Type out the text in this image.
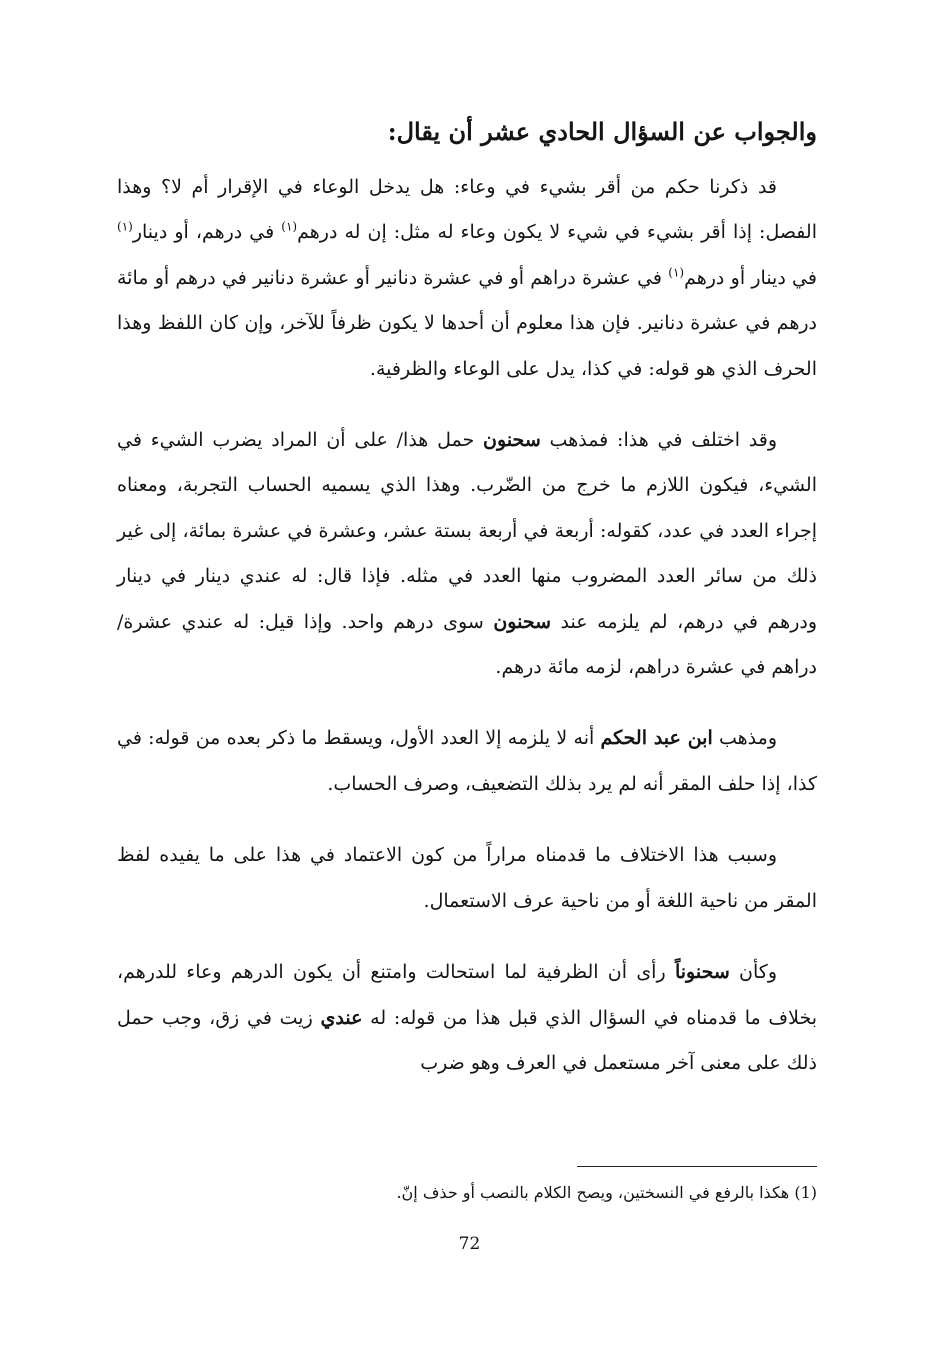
والجواب عن السؤال الحادي عشر أن يقال:

قد ذكرنا حكم من أقر بشيء في وعاء: هل يدخل الوعاء في الإقرار أم لا؟ وهذا الفصل: إذا أقر بشيء في شيء لا يكون وعاء له مثل: إن له درهم$^{(١)}$ في درهم، أو دينار$^{(١)}$ في دينار أو درهم$^{(١)}$ في عشرة دراهم أو في عشرة دنانير أو عشرة دنانير في درهم أو مائة درهم في عشرة دنانير. فإن هذا معلوم أن أحدها لا يكون ظرفاً للآخر، وإن كان اللفظ وهذا الحرف الذي هو قوله: في كذا، يدل على الوعاء والظرفية.

وقد اختلف في هذا: فمذهب سحنون حمل هذا/ على أن المراد يضرب الشيء في الشيء، فيكون اللازم ما خرج من الضّرب. وهذا الذي يسميه الحساب التجربة، ومعناه إجراء العدد في عدد، كقوله: أربعة في أربعة بستة عشر، وعشرة في عشرة بمائة، إلى غير ذلك من سائر العدد المضروب منها العدد في مثله. فإذا قال: له عندي دينار في دينار ودرهم في درهم، لم يلزمه عند سحنون سوى درهم واحد. وإذا قيل: له عندي عشرة/ دراهم في عشرة دراهم، لزمه مائة درهم.

ومذهب ابن عبد الحكم أنه لا يلزمه إلا العدد الأول، ويسقط ما ذكر بعده من قوله: في كذا، إذا حلف المقر أنه لم يرد بذلك التضعيف، وصرف الحساب.

وسبب هذا الاختلاف ما قدمناه مراراً من كون الاعتماد في هذا على ما يفيده لفظ المقر من ناحية اللغة أو من ناحية عرف الاستعمال.

وكأن سحنوناً رأى أن الظرفية لما استحالت وامتنع أن يكون الدرهم وعاء للدرهم، بخلاف ما قدمناه في السؤال الذي قبل هذا من قوله: له عندي زيت في زق، وجب حمل ذلك على معنى آخر مستعمل في العرف وهو ضرب

(1) هكذا بالرفع في النسختين، ويصح الكلام بالنصب أو حذف إنّ.
72
